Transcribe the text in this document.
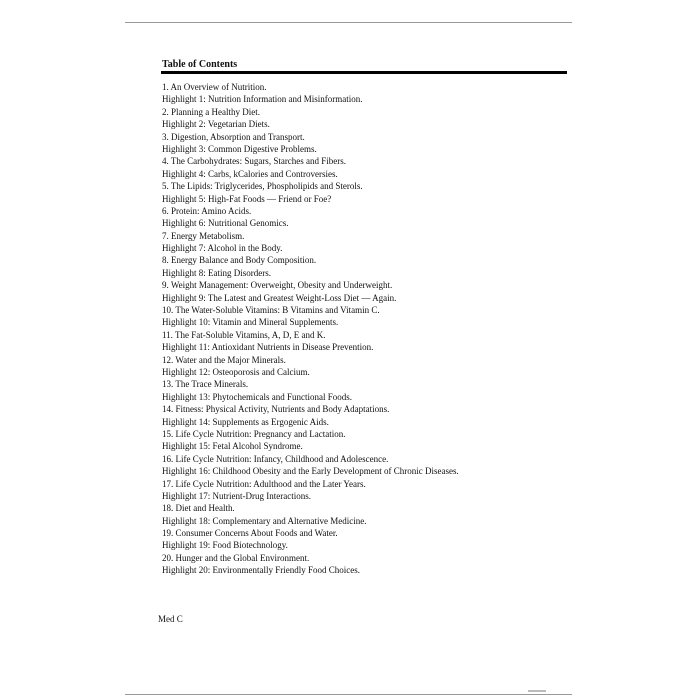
Table of Contents
1. An Overview of Nutrition.
Highlight 1: Nutrition Information and Misinformation.
2. Planning a Healthy Diet.
Highlight 2: Vegetarian Diets.
3. Digestion, Absorption and Transport.
Highlight 3: Common Digestive Problems.
4. The Carbohydrates: Sugars, Starches and Fibers.
Highlight 4: Carbs, kCalories and Controversies.
5. The Lipids: Triglycerides, Phospholipids and Sterols.
Highlight 5: High-Fat Foods — Friend or Foe?
6. Protein: Amino Acids.
Highlight 6: Nutritional Genomics.
7. Energy Metabolism.
Highlight 7: Alcohol in the Body.
8. Energy Balance and Body Composition.
Highlight 8: Eating Disorders.
9. Weight Management: Overweight, Obesity and Underweight.
Highlight 9: The Latest and Greatest Weight-Loss Diet — Again.
10. The Water-Soluble Vitamins: B Vitamins and Vitamin C.
Highlight 10: Vitamin and Mineral Supplements.
11. The Fat-Soluble Vitamins, A, D, E and K.
Highlight 11: Antioxidant Nutrients in Disease Prevention.
12. Water and the Major Minerals.
Highlight 12: Osteoporosis and Calcium.
13. The Trace Minerals.
Highlight 13: Phytochemicals and Functional Foods.
14. Fitness: Physical Activity, Nutrients and Body Adaptations.
Highlight 14: Supplements as Ergogenic Aids.
15. Life Cycle Nutrition: Pregnancy and Lactation.
Highlight 15: Fetal Alcohol Syndrome.
16. Life Cycle Nutrition: Infancy, Childhood and Adolescence.
Highlight 16: Childhood Obesity and the Early Development of Chronic Diseases.
17. Life Cycle Nutrition: Adulthood and the Later Years.
Highlight 17: Nutrient-Drug Interactions.
18. Diet and Health.
Highlight 18: Complementary and Alternative Medicine.
19. Consumer Concerns About Foods and Water.
Highlight 19: Food Biotechnology.
20. Hunger and the Global Environment.
Highlight 20: Environmentally Friendly Food Choices.
Med C
